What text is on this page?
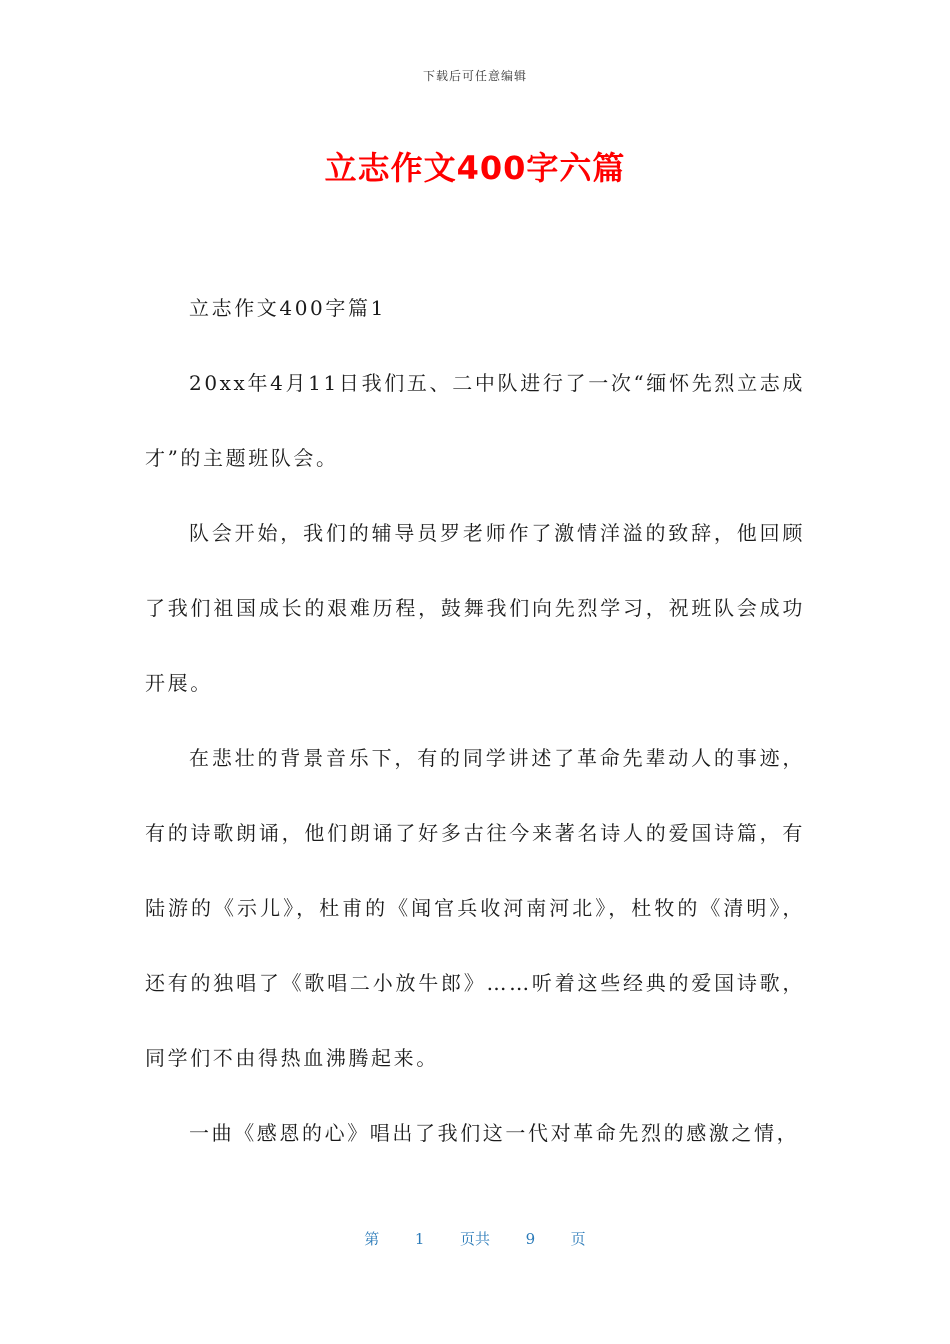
下载后可任意编辑
立志作文400字六篇

立志作文400字篇1

20xx年4月11日我们五、二中队进行了一次“缅怀先烈立志成才”的主题班队会。

队会开始，我们的辅导员罗老师作了激情洋溢的致辞，他回顾了我们祖国成长的艰难历程，鼓舞我们向先烈学习，祝班队会成功开展。

在悲壮的背景音乐下，有的同学讲述了革命先辈动人的事迹，有的诗歌朗诵，他们朗诵了好多古往今来著名诗人的爱国诗篇，有陆游的《示儿》，杜甫的《闻官兵收河南河北》，杜牧的《清明》，还有的独唱了《歌唱二小放牛郎》……听着这些经典的爱国诗歌，同学们不由得热血沸腾起来。

一曲《感恩的心》唱出了我们这一代对革命先烈的感激之情，

第 1 页共 9 页
